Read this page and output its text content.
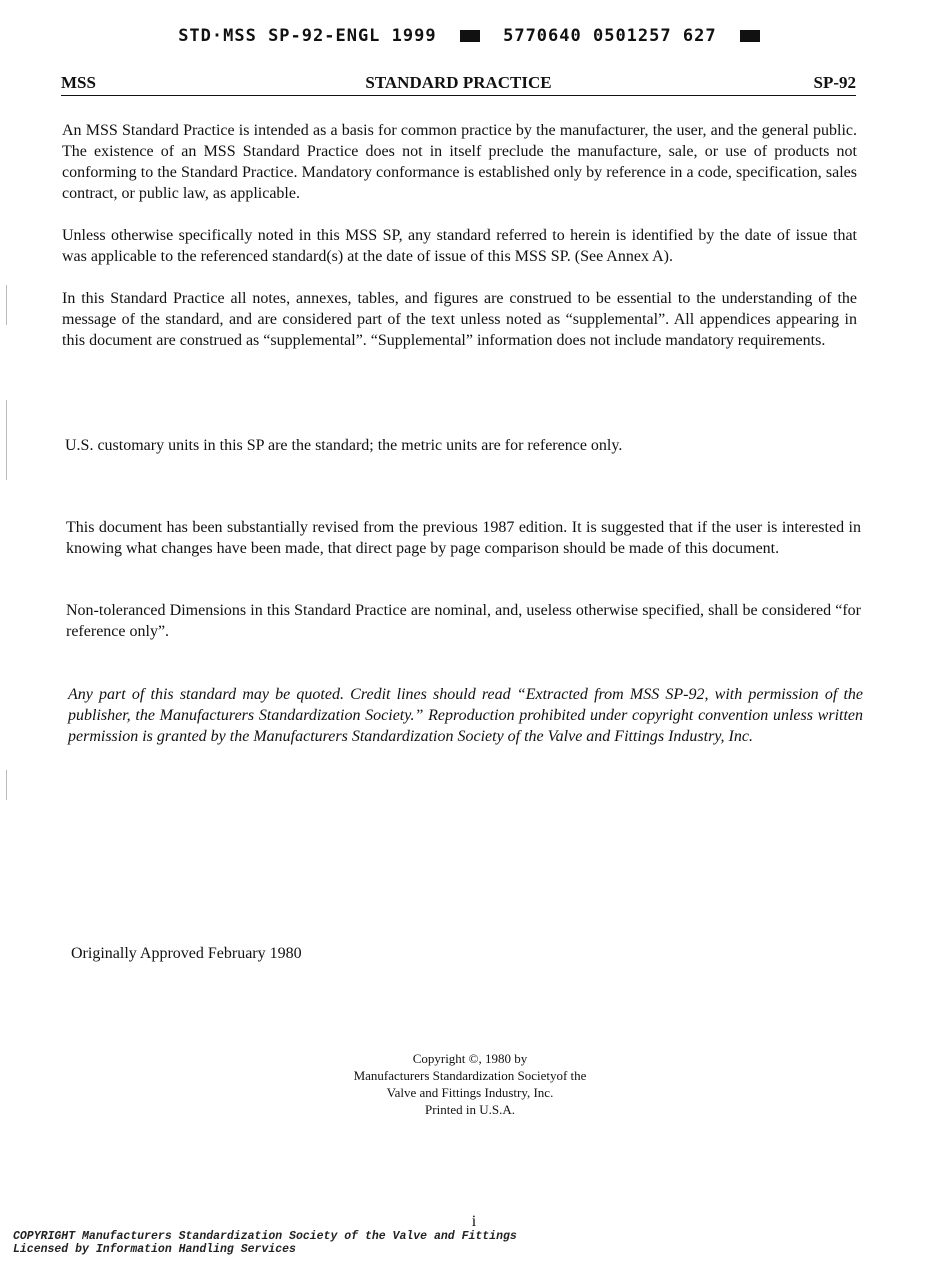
STD·MSS SP-92-ENGL 1999	5770640 0501257 627
STANDARD PRACTICE
MSS	SP-92

An MSS Standard Practice is intended as a basis for common practice by the manufacturer, the user, and the general public. The existence of an MSS Standard Practice does not in itself preclude the manufacture, sale, or use of products not conforming to the Standard Practice. Mandatory conformance is established only by reference in a code, specification, sales contract, or public law, as applicable.

Unless otherwise specifically noted in this MSS SP, any standard referred to herein is identified by the date of issue that was applicable to the referenced standard(s) at the date of issue of this MSS SP. (See Annex A).

In this Standard Practice all notes, annexes, tables, and figures are construed to be essential to the understanding of the message of the standard, and are considered part of the text unless noted as “supplemental”. All appendices appearing in this document are construed as “supplemental”. “Supplemental” information does not include mandatory requirements.

U.S. customary units in this SP are the standard; the metric units are for reference only.

This document has been substantially revised from the previous 1987 edition. It is suggested that if the user is interested in knowing what changes have been made, that direct page by page comparison should be made of this document.

Non-toleranced Dimensions in this Standard Practice are nominal, and, useless otherwise specified, shall be considered “for reference only”.

Any part of this standard may be quoted. Credit lines should read “Extracted from MSS SP-92, with permission of the publisher, the Manufacturers Standardization Society.” Reproduction prohibited under copyright convention unless written permission is granted by the Manufacturers Standardization Society of the Valve and Fittings Industry, Inc.

Originally Approved February 1980
Copyright ©, 1980 by
Manufacturers Standardization Societyof the
Valve and Fittings Industry, Inc.
Printed in U.S.A.
i
COPYRIGHT Manufacturers Standardization Society of the Valve and Fittings
Licensed by Information Handling Services
